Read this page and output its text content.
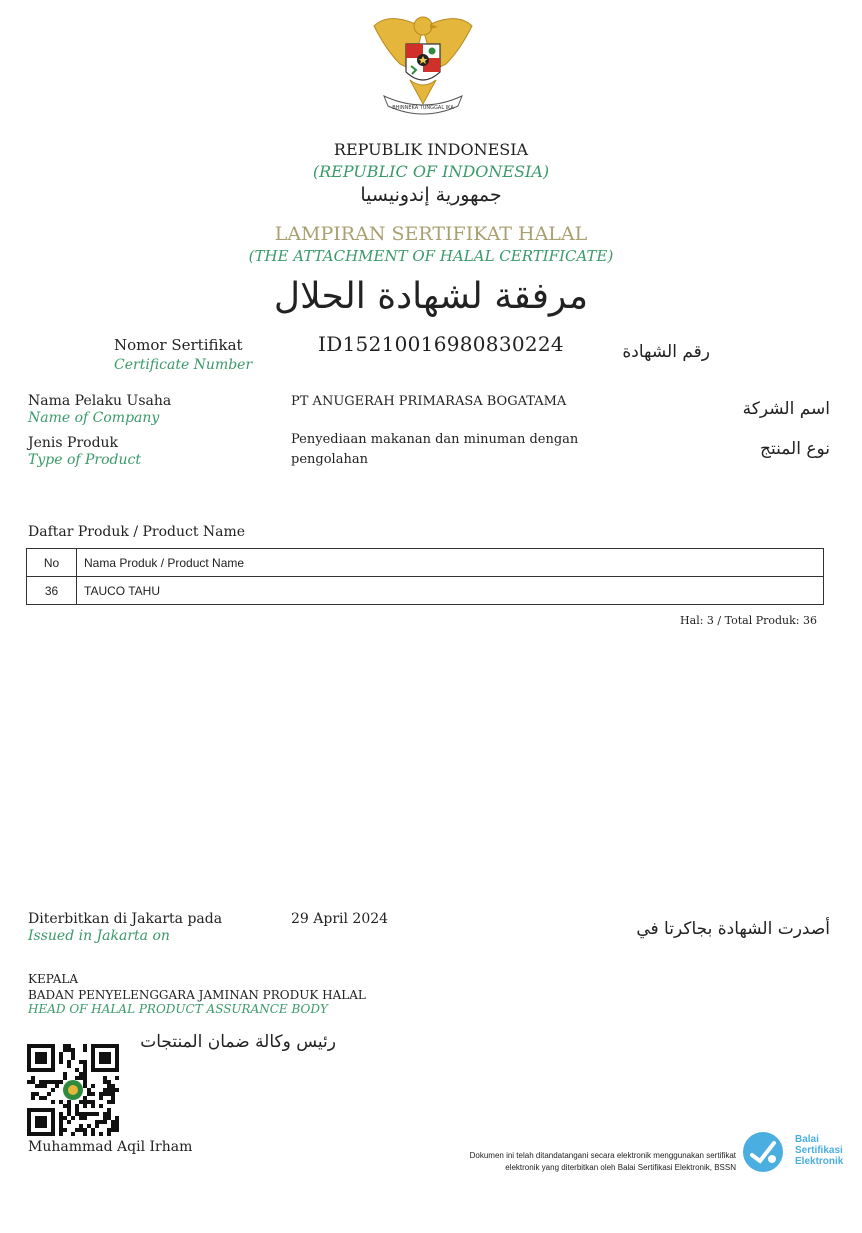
BHINNEKA TUNGGAL IKA
REPUBLIK INDONESIA
(REPUBLIC OF INDONESIA)
جمهورية إندونيسيا
LAMPIRAN SERTIFIKAT HALAL
(THE ATTACHMENT OF HALAL CERTIFICATE)
مرفقة لشهادة الحلال
Nomor Sertifikat
Certificate Number
ID15210016980830224	رقم الشهادة
Nama Pelaku Usaha
Name of Company
PT ANUGERAH PRIMARASA BOGATAMA	اسم الشركة
Jenis Produk
Type of Product
Penyediaan makanan dan minuman dengan
pengolahan
نوع المنتج
Daftar Produk / Product Name
No	Nama Produk / Product Name
36	TAUCO TAHU
Hal: 3 / Total Produk: 36
Diterbitkan di Jakarta pada
Issued in Jakarta on
29 April 2024	أصدرت الشهادة بجاكرتا في
KEPALA
BADAN PENYELENGGARA JAMINAN PRODUK HALAL
HEAD OF HALAL PRODUCT ASSURANCE BODY
رئيس وكالة ضمان المنتجات
Muhammad Aqil Irham
Dokumen ini telah ditandatangani secara elektronik menggunakan sertifikat
elektronik yang diterbitkan oleh Balai Sertifikasi Elektronik, BSSN
Balai
Sertifikasi
Elektronik
